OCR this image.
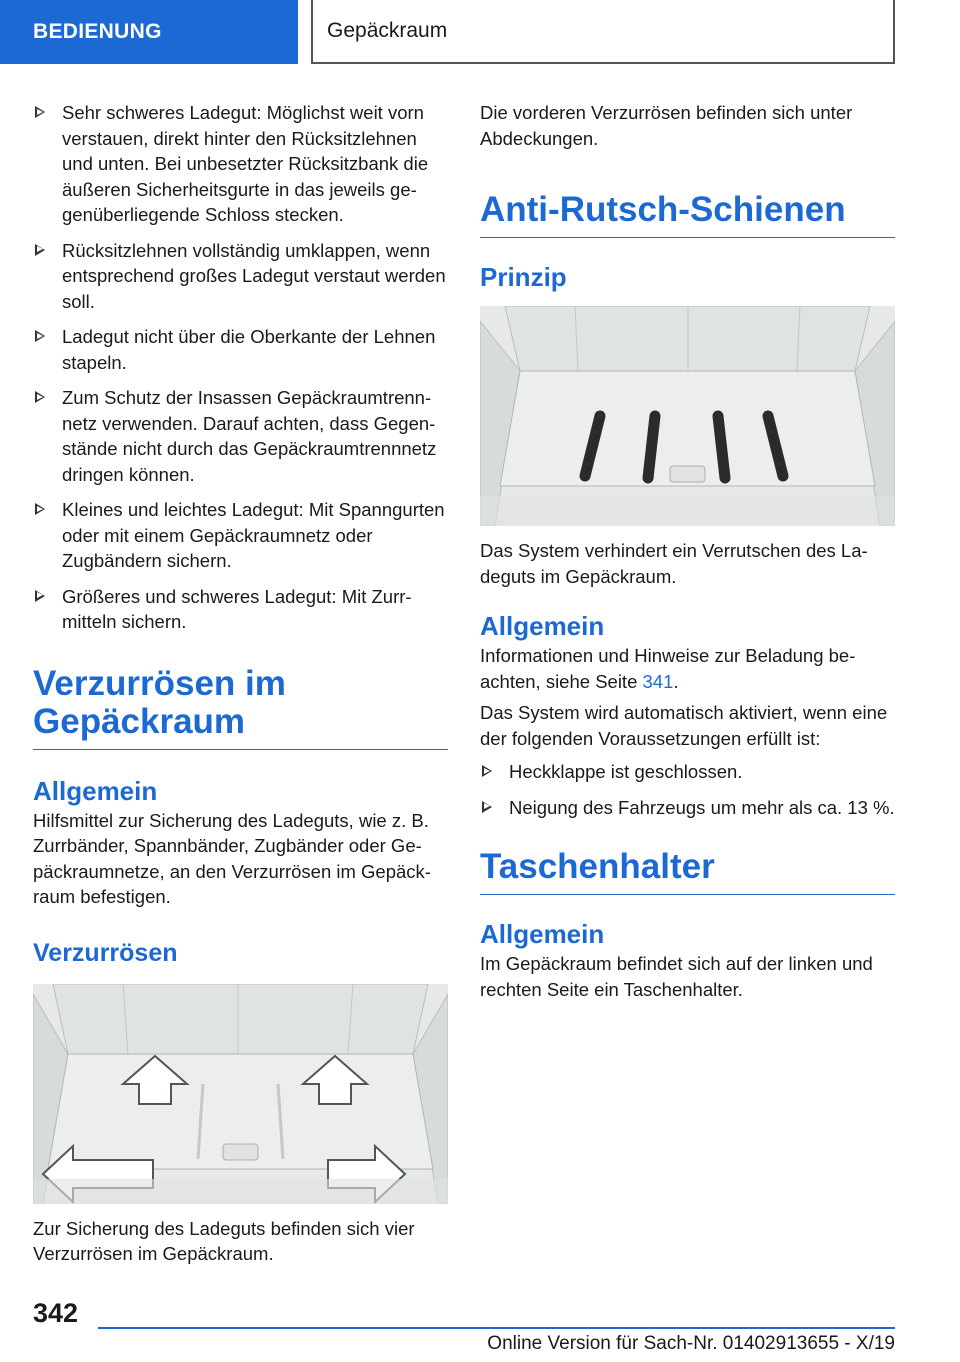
BEDIENUNG	Gepäckraum
Sehr schweres Ladegut: Möglichst weit vorn verstauen, direkt hinter den Rücksitzlehnen und unten. Bei unbesetzter Rücksitzbank die äußeren Sicherheitsgurte in das jeweils gegenüberliegende Schloss stecken.
Rücksitzlehnen vollständig umklappen, wenn entsprechend großes Ladegut verstaut werden soll.
Ladegut nicht über die Oberkante der Lehnen stapeln.
Zum Schutz der Insassen Gepäckraumtrennnetz verwenden. Darauf achten, dass Gegenstände nicht durch das Gepäckraumtrennnetz dringen können.
Kleines und leichtes Ladegut: Mit Spanngurten oder mit einem Gepäckraumnetz oder Zugbändern sichern.
Größeres und schweres Ladegut: Mit Zurrmitteln sichern.
Verzurrösen im Gepäckraum
Allgemein

Hilfsmittel zur Sicherung des Ladeguts, wie z. B. Zurrbänder, Spannbänder, Zugbänder oder Gepäckraumnetze, an den Verzurrösen im Gepäckraum befestigen.

Verzurrösen

Zur Sicherung des Ladeguts befinden sich vier Verzurrösen im Gepäckraum.

Die vorderen Verzurrösen befinden sich unter Abdeckungen.

Anti-Rutsch-Schienen
Prinzip

Das System verhindert ein Verrutschen des Ladeguts im Gepäckraum.

Allgemein

Informationen und Hinweise zur Beladung beachten, siehe Seite 341.

Das System wird automatisch aktiviert, wenn eine der folgenden Voraussetzungen erfüllt ist:

Heckklappe ist geschlossen.
Neigung des Fahrzeugs um mehr als ca. 13 %.
Taschenhalter
Allgemein

Im Gepäckraum befindet sich auf der linken und rechten Seite ein Taschenhalter.

342
Online Version für Sach-Nr. 01402913655 - X/19
